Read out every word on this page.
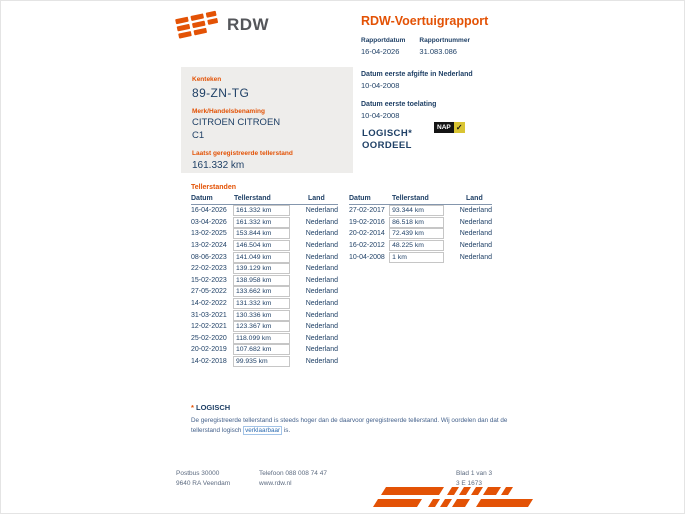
RDW	RDW-Voertuigrapport
Rapportdatum
16-04-2026
Rapportnummer
31.083.086
Kenteken
89-ZN-TG
Merk/Handelsbenaming
CITROEN CITROEN
C1
Laatst geregistreerde tellerstand
161.332 km
Datum eerste afgifte in Nederland
10-04-2008
Datum eerste toelating
10-04-2008
LOGISCH*
OORDEEL
NAP ✓
Tellerstanden
Datum	Tellerstand	Land
16-04-2026	161.332 km	Nederland
03-04-2026	161.332 km	Nederland
13-02-2025	153.844 km	Nederland
13-02-2024	146.504 km	Nederland
08-06-2023	141.049 km	Nederland
22-02-2023	139.129 km	Nederland
15-02-2023	138.958 km	Nederland
27-05-2022	133.662 km	Nederland
14-02-2022	131.332 km	Nederland
31-03-2021	130.336 km	Nederland
12-02-2021	123.367 km	Nederland
25-02-2020	118.099 km	Nederland
20-02-2019	107.682 km	Nederland
14-02-2018	99.935 km	Nederland
Datum	Tellerstand	Land
27-02-2017	93.344 km	Nederland
19-02-2016	86.518 km	Nederland
20-02-2014	72.439 km	Nederland
16-02-2012	48.225 km	Nederland
10-04-2008	1 km	Nederland
* LOGISCH
De geregistreerde tellerstand is steeds hoger dan de daarvoor geregistreerde tellerstand. Wij oordelen dan dat de
tellerstand logisch verklaarbaar is.
Postbus 30000
9640 RA Veendam
Telefoon 088 008 74 47
www.rdw.nl
Blad 1 van 3
3 E 1673
